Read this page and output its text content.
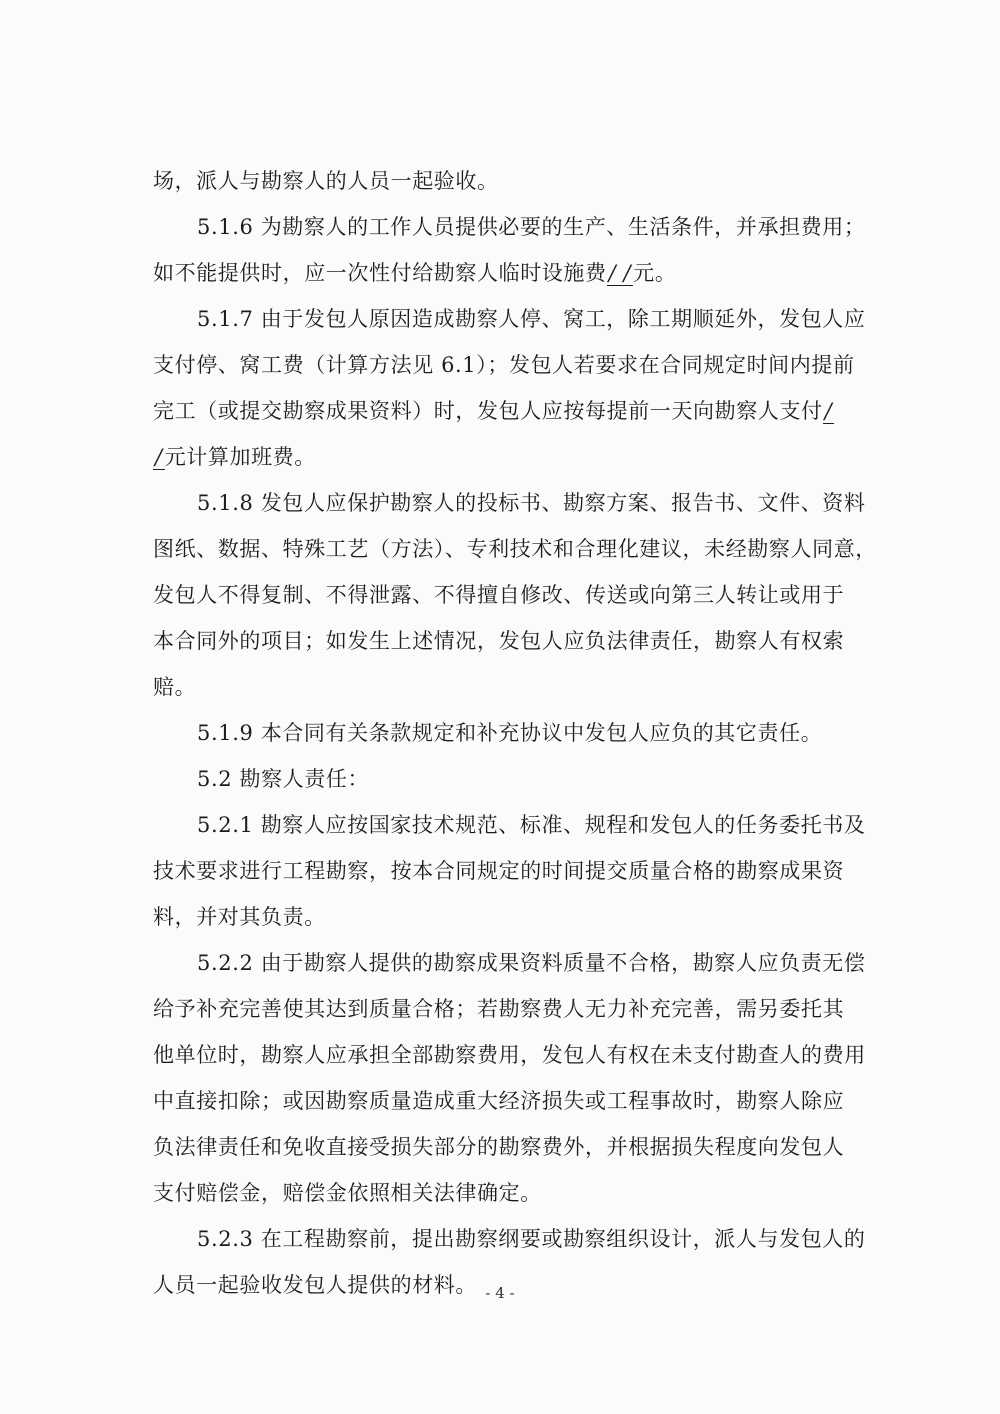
场，派人与勘察人的人员一起验收。
5.1.6 为勘察人的工作人员提供必要的生产、生活条件，并承担费用；
如不能提供时，应一次性付给勘察人临时设施费/ /元。
5.1.7 由于发包人原因造成勘察人停、窝工，除工期顺延外，发包人应
支付停、窝工费（计算方法见 6.1）；发包人若要求在合同规定时间内提前
完工（或提交勘察成果资料）时，发包人应按每提前一天向勘察人支付/
/元计算加班费。
5.1.8 发包人应保护勘察人的投标书、勘察方案、报告书、文件、资料
图纸、数据、特殊工艺（方法）、专利技术和合理化建议，未经勘察人同意，
发包人不得复制、不得泄露、不得擅自修改、传送或向第三人转让或用于
本合同外的项目；如发生上述情况，发包人应负法律责任，勘察人有权索
赔。
5.1.9 本合同有关条款规定和补充协议中发包人应负的其它责任。
5.2 勘察人责任：
5.2.1 勘察人应按国家技术规范、标准、规程和发包人的任务委托书及
技术要求进行工程勘察，按本合同规定的时间提交质量合格的勘察成果资
料，并对其负责。
5.2.2 由于勘察人提供的勘察成果资料质量不合格，勘察人应负责无偿
给予补充完善使其达到质量合格；若勘察费人无力补充完善，需另委托其
他单位时，勘察人应承担全部勘察费用，发包人有权在未支付勘查人的费用
中直接扣除；或因勘察质量造成重大经济损失或工程事故时，勘察人除应
负法律责任和免收直接受损失部分的勘察费外，并根据损失程度向发包人
支付赔偿金，赔偿金依照相关法律确定。
5.2.3 在工程勘察前，提出勘察纲要或勘察组织设计，派人与发包人的
人员一起验收发包人提供的材料。 - 4 -
